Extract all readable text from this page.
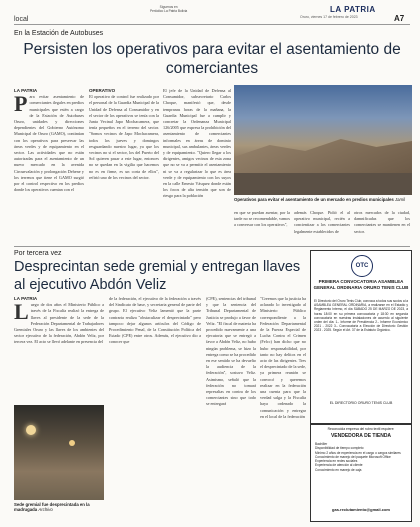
local
Síguenos en
Periódico La Patria Bolivia	LA PATRIA
Oruro, viernes 17 de febrero de 2023	A7
En la Estación de Autobuses
Persisten los operativos para evitar el asentamiento de comerciantes
LA PATRIA
P ara evitar asentamiento de comerciantes ilegales en predios municipales que estén a cargo de la Estación de Autobuses Oruro, unidades y direcciones dependientes del Gobierno Autónomo Municipal de Oruro (GAMO), continúan con los operativos para preservar las áreas verdes y de equipamiento en el sector. Las actividades que no están autorizadas para el asentamiento de un nuevo mercado en la avenida Circunvalación y prolongación Dehene y los terrenos que tiene el GAMO surgió por el control respectivo en los predios donde los operativos cuentan con el
OPERATIVO
El operativo de control fue realizado por el personal de la Guardia Municipal de la Unidad de Defensa al Consumidor y en el sector de los operativos se tenía con la Junta Vecinal Japo Mochacamera, que tenía pequeños en el terreno del sector. "Somos vecinos de Japo Mochacamera, todos los jueves y domingos resguardando nuestro lugar, ya que los vecinos no si el sector, los del Puerto del Sol quieren pasar a este lugar, entonces no se quedan en la vigilia que hacemos no es en firme, es un corta de ellos", refirió uno de los vecinos del sector.
El jefe de la Unidad de Defensa al Consumidor, subsecretario Carlos Choque, manifestó que, desde tempranas horas de la mañana, la Guardia Municipal fue a cumplir y concretar la Ordenanza Municipal 126/2005 que expresa la prohibición del asentamiento de comerciantes informales en áreas de dominio municipal, sus ambulantes, áreas verdes y de equipamiento. "Quiero llegar a los dirigentes, amigos vecinos de esta zona que no se va a permitir el asentamiento ni se va a regularizar lo que es área verde y de equipamiento con los suyos en la calle Ernesto Vásquez donde están los focos de alta tensión que son de riesgo para la población
Operativos para evitar el asentamiento de un mercado en predios municipales Jamil
en que se puedan asentar, por la tarde no se recomendable, vamos a conversar con los operativos",
además Choque. Pidió el al operativo municipal, recién a concientizar a los comerciantes legalmente establecidos de
otros mercados de la ciudad, damnificadas que los comerciantes se mantienen en el sector.
Por tercera vez
Desprecintan sede gremial y entregan llaves al ejecutivo Abdón Veliz
LA PATRIA
L uego de dos años el Ministerio Público a través de la Fiscalía realizó la entrega de llaves al presidente de la sede de la Federación Departamental de Trabajadores Gremiales Oruro y las llaves de los ambientes del sector ejecutivo de la federación, Abdón Veliz, por tercera vez. El acto se llevó adelante en presencia del
de la federación, el ejecutivo de la federación a través del Sindicato de base, y secretaria general de parte del grupo. El ejecutivo Veliz lamentó que la parte contraria realiza "obstaculizar el desprecintado" pero tampoco dejar algunos artículos del Código de Procedimiento Penal, de la Constitución Política del Estado (CPE) entre otros. Además, el ejecutivo dio a conocer que
(CPE), sentencias del tribunal y que la sentencia del Tribunal Departamental de Justicia se produjo a favor de Veliz. "El fiscal de materia ha procedido nuevamente a una ejecutoria que se entregó a favor a Abdón Veliz, no hubo ningún problema, se hizo la entrega como se ha procedido en ese sentido se ha devuelto la audiencia de la federación", sostuvo Veliz. Asimismo, señaló que la federación no tomará represalias en contra de los comerciantes sino que todo se entregará
"Creemos que la justicia ha aclarado lo investigado al Ministerio Público correspondiente a la Federación Departamental de la Fuerza Especial de Lucha Contra el Crimen (Felcc) han dicho que no hubo responsabilidad, por tanto no hay delitos en el acto de las dirigentes. Tres el desprecintado de la sede, ya primera reunión se convocó y queremos realizar en la federación una cuenta para que la verdad salga y la Fiscalía haya ordenado la comunicación y entregar en el local de la federación
Sede gremial fue desprecintada en la madrugada Archivo
OTC
PRIMERA CONVOCATORIA ASAMBLEA GENERAL ORDINARIA ORURO TENIS CLUB
El Directorio del Oruro Tenis Club, convoca a todos sus socios a la ASAMBLEA GENERAL ORDINARIA, a realizarse en el Estadio y Reglamento Interno, el día SÁBADO 25 DE MARZO DE 2023, a horas 18:00 en su primera convocatoria y 18:30 en segunda convocatoria en nuestras instalaciones de acuerdo al siguiente orden del día: 1.- Informe de Presidencia 2.- Informe Económico 2021 - 2022 3.- Convocatoria a Elección de Directorio Gestión 2023 - 2025. Según el Art. 37 de la Estatuto Orgánico.
EL DIRECTORIO ORURO TENIS CLUB
Reconocida empresa del rubro textil requiere:
VENDEDORA DE TIENDA
Bachiller
Disponibilidad de tiempo completo
Mínimo 2 años de experiencia en el cargo o cargos similares
Conocimiento de manejo del paquete Microsoft Office
Experiencia en redes sociales
Experiencia de atención al cliente
Conocimiento en manejo de caja
gas.reclutamiento@gmail.com
